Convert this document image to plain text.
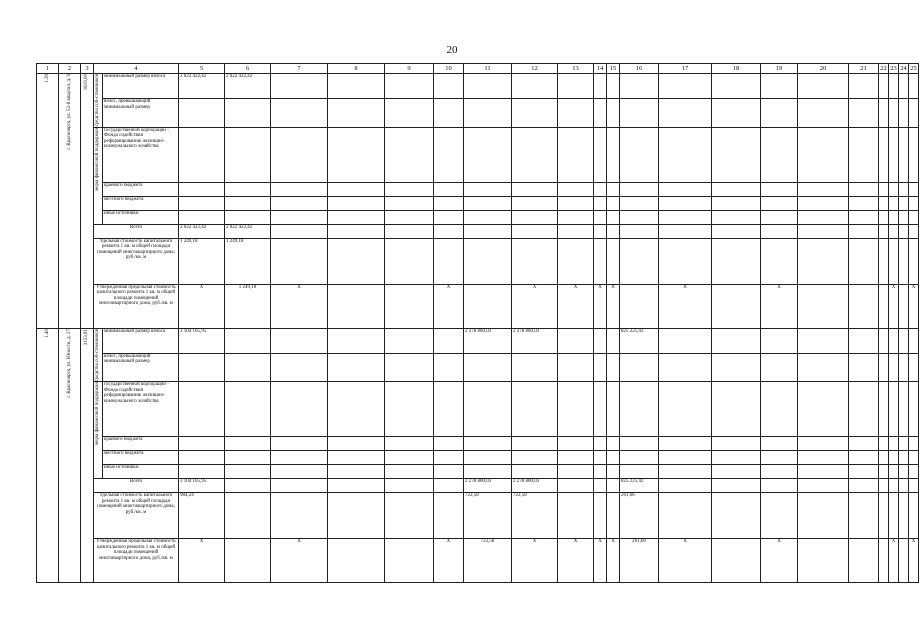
20
1	2	3	4		5	6	7	8	9	10	11	12	13	14	15	16	17	18	19	20	21	22	23	24	25

1.39	г. Красноярск, ул. 52-й квартал, д. 9	1619,00	средства соб-ственников	минимальный размер взноса	2 022 422,42	2 022 422,42																			
				взнос, превышающий минимальный размер																					

			меры финансовой поддержки	государственной корпорации - Фонда содействия реформированию жилищно-коммунального хозяйства																					
				краевого бюджета																					
				местного бюджета																					
				иные источники																					
			Всего		2 022 422,42	2 022 422,42																			
			Удельная стоимость капитального ремонта 1 кв. м общей площади помещений многоквартирного дома, руб./кв. м		1 249,18	1 249,18																			
			Утвержденная предельная стоимость капитального ремонта 1 кв. м общей площади помещений многоквартирного дома, руб./кв. м		X	1 249,18	X			X		X	X	X	X		X		X				X		X

1.40	г. Красноярск, ул. Юности, д. 27	3153,81	средства соб-ственников	минимальный размер взноса	3 104 105,95						2 278 880,03	2 278 880,03				825 225,92									
				взнос, превышающий минимальный размер																					

			меры финансовой поддержки	государственной корпорации - Фонда содействия реформированию жилищно-коммунального хозяйства																					
				краевого бюджета																					
				местного бюджета																					
				иные источники																					
			Всего		3 104 105,95						2 278 880,03	2 278 880,03				825 225,92									
			Удельная стоимость капитального ремонта 1 кв. м общей площади помещений многоквартирного дома, руб./кв. м		984,24						722,58	722,58				261,66									
			Утвержденная предельная стоимость капитального ремонта 1 кв. м общей площади помещений многоквартирного дома, руб./кв. м		X		X			X	722,58	X	X	X	X	261,66	X		X				X		X
